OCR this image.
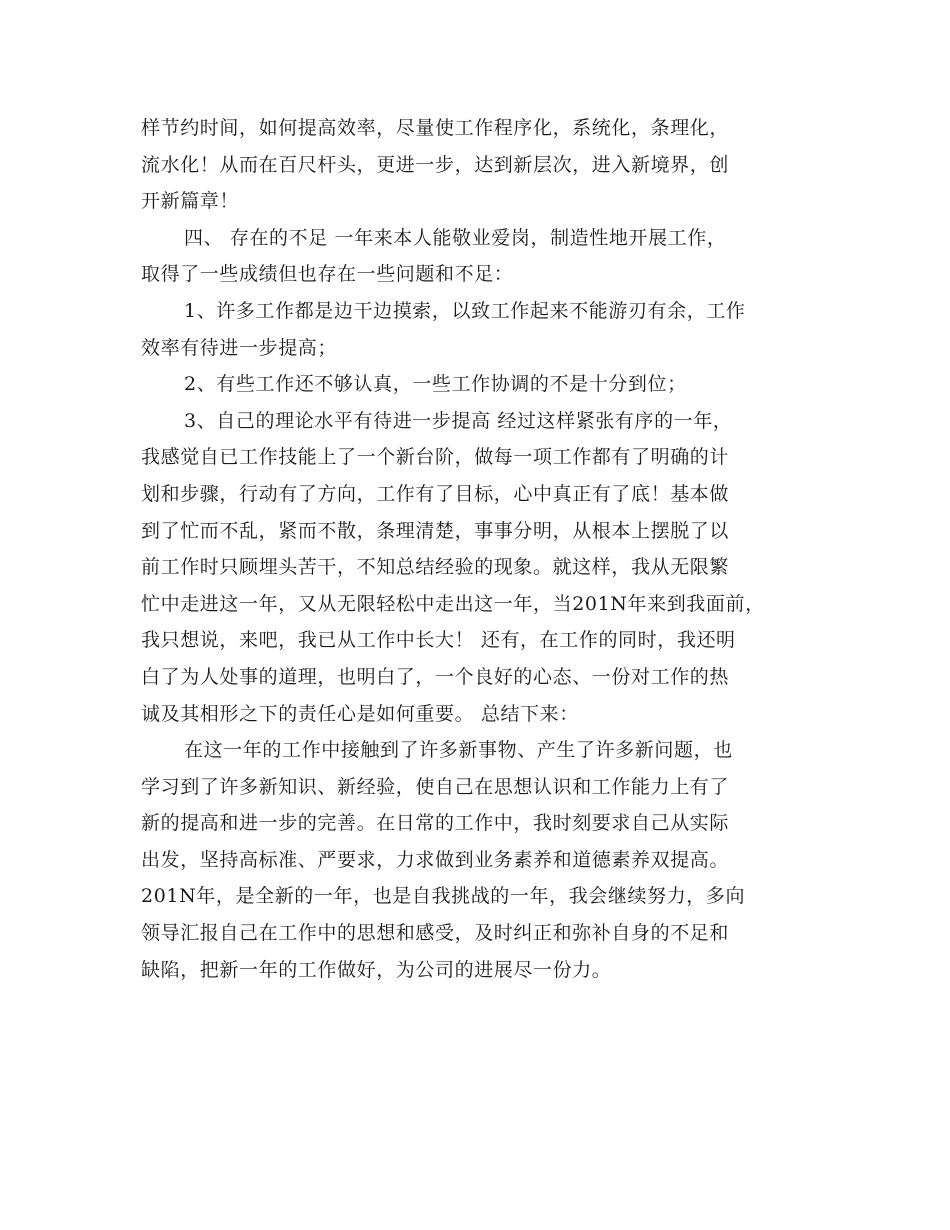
样节约时间，如何提高效率，尽量使工作程序化，系统化，条理化，
流水化！从而在百尺杆头，更进一步，达到新层次，进入新境界，创
开新篇章！
四、 存在的不足 一年来本人能敬业爱岗，制造性地开展工作，
取得了一些成绩但也存在一些问题和不足：
1、许多工作都是边干边摸索，以致工作起来不能游刃有余，工作
效率有待进一步提高；
2、有些工作还不够认真，一些工作协调的不是十分到位；
3、自己的理论水平有待进一步提高 经过这样紧张有序的一年，
我感觉自已工作技能上了一个新台阶，做每一项工作都有了明确的计
划和步骤，行动有了方向，工作有了目标，心中真正有了底！基本做
到了忙而不乱，紧而不散，条理清楚，事事分明，从根本上摆脱了以
前工作时只顾埋头苦干，不知总结经验的现象。就这样，我从无限繁
忙中走进这一年，又从无限轻松中走出这一年，当201N年来到我面前，
我只想说，来吧，我已从工作中长大！ 还有，在工作的同时，我还明
白了为人处事的道理，也明白了，一个良好的心态、一份对工作的热
诚及其相形之下的责任心是如何重要。 总结下来：
在这一年的工作中接触到了许多新事物、产生了许多新问题，也
学习到了许多新知识、新经验，使自己在思想认识和工作能力上有了
新的提高和进一步的完善。在日常的工作中，我时刻要求自己从实际
出发，坚持高标准、严要求，力求做到业务素养和道德素养双提高。
201N年，是全新的一年，也是自我挑战的一年，我会继续努力，多向
领导汇报自己在工作中的思想和感受，及时纠正和弥补自身的不足和
缺陷，把新一年的工作做好，为公司的进展尽一份力。
